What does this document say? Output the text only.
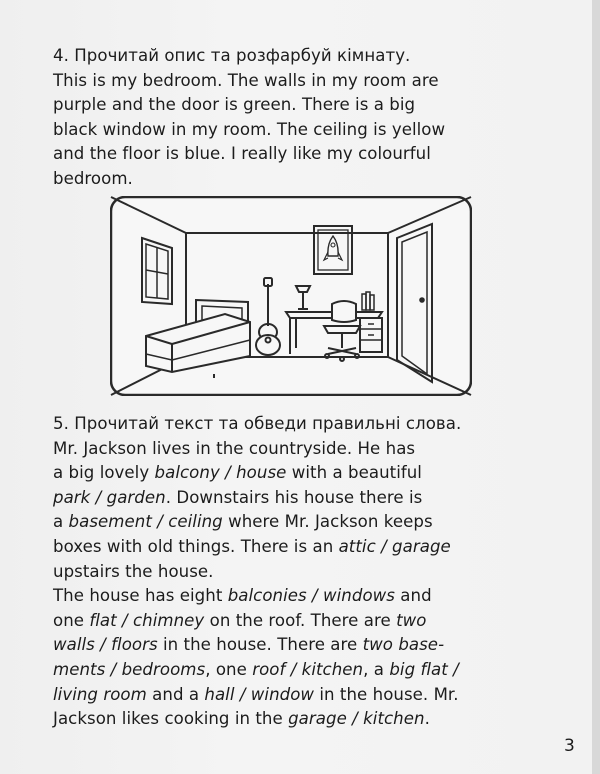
4. Прочитай опис та розфарбуй кімнату.
This is my bedroom. The walls in my room are
purple and the door is green. There is a big
black window in my room. The ceiling is yellow
and the floor is blue. I really like my colourful
bedroom.
5. Прочитай текст та обведи правильні слова.
Mr. Jackson lives in the countryside. He has
a big lovely balcony / house with a beautiful
park / garden. Downstairs his house there is
a basement / ceiling where Mr. Jackson keeps
boxes with old things. There is an attic / garage
upstairs the house.
The house has eight balconies / windows and
one flat / chimney on the roof. There are two
walls / floors in the house. There are two base-
ments / bedrooms, one roof / kitchen, a big flat /
living room and a hall / window in the house. Mr.
Jackson likes cooking in the garage / kitchen.
3
